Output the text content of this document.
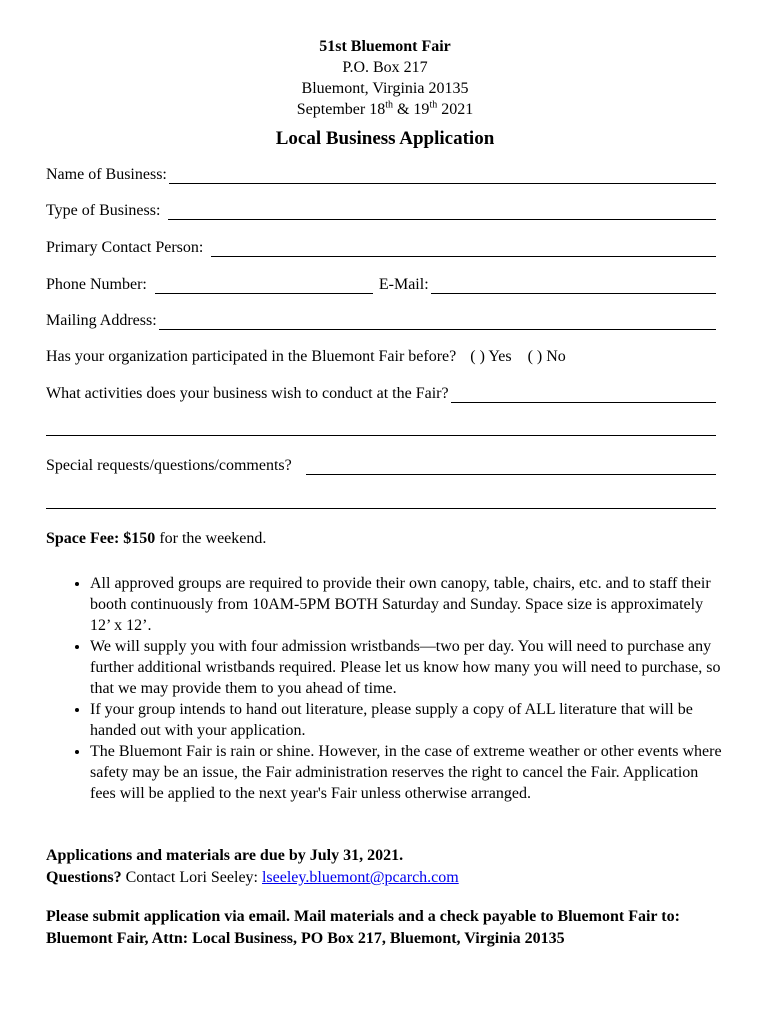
51st Bluemont Fair
P.O. Box 217
Bluemont, Virginia 20135
September 18th & 19th 2021
Local Business Application
Name of Business:
Type of Business:
Primary Contact Person:
Phone Number:	E-Mail:
Mailing Address:
Has your organization participated in the Bluemont Fair before? ( ) Yes ( ) No
What activities does your business wish to conduct at the Fair?
Special requests/questions/comments?
Space Fee: $150 for the weekend.
• All approved groups are required to provide their own canopy, table, chairs, etc. and to staff their booth continuously from 10AM-5PM BOTH Saturday and Sunday. Space size is approximately 12’ x 12’.
• We will supply you with four admission wristbands—two per day. You will need to purchase any further additional wristbands required. Please let us know how many you will need to purchase, so that we may provide them to you ahead of time.
• If your group intends to hand out literature, please supply a copy of ALL literature that will be handed out with your application.
• The Bluemont Fair is rain or shine. However, in the case of extreme weather or other events where safety may be an issue, the Fair administration reserves the right to cancel the Fair. Application fees will be applied to the next year's Fair unless otherwise arranged.
Applications and materials are due by July 31, 2021.
Questions? Contact Lori Seeley: lseeley.bluemont@pcarch.com
Please submit application via email. Mail materials and a check payable to Bluemont Fair to: Bluemont Fair, Attn: Local Business, PO Box 217, Bluemont, Virginia 20135
